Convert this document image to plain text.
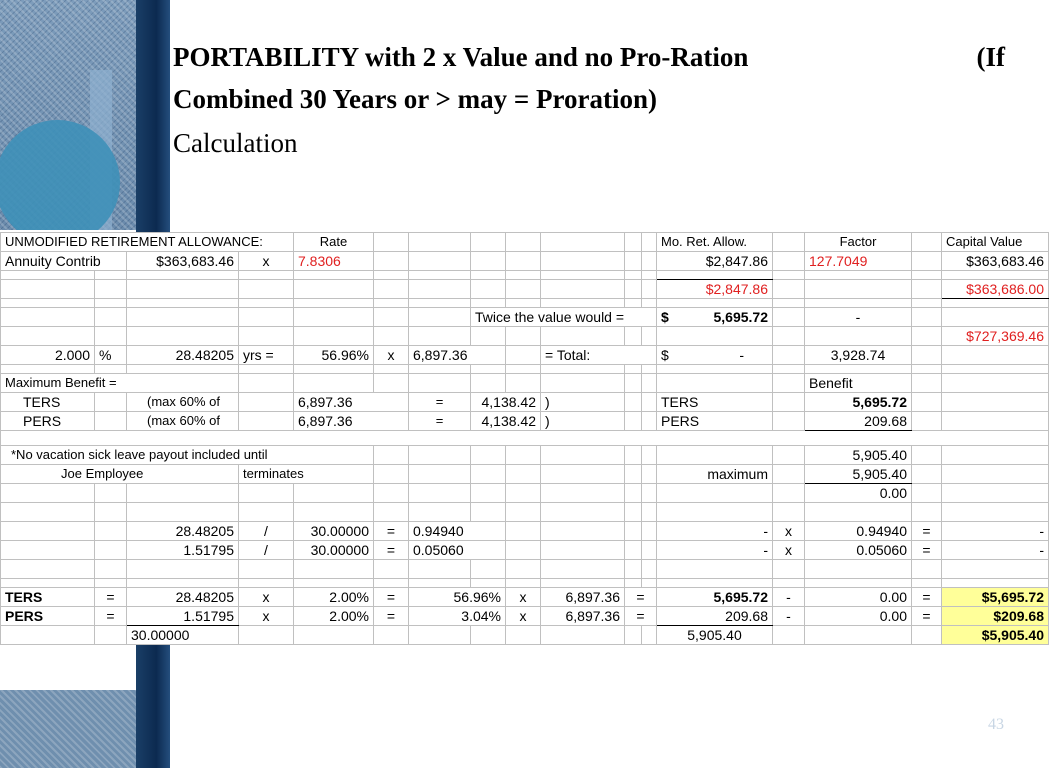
PORTABILITY with 2 x Value and no Pro-Ration	(If
Combined 30 Years or > may = Proration)
Calculation
UNMODIFIED RETIREMENT ALLOWANCE:				Rate								Mo. Ret. Allow.		Factor		Capital Value
Annuity Contrib		$363,683.46	x	7.8306								$2,847.86		127.7049		$363,683.46

												$2,847.86				$363,686.00

							Twice the value would =					$ 5,695.72		-		
																$727,369.46
2.000	%	28.48205	yrs =	56.96%	x	6,897.36			= Total:			$ -		3,928.74		

Maximum Benefit =														Benefit		
TERS		(max 60% of		6,897.36		=	4,138.42		)			TERS		5,695.72		
PERS		(max 60% of		6,897.36		=	4,138.42		)			PERS		209.68		

*No vacation sick leave payout included until														5,905.40		
Joe Employee			terminates									maximum		5,905.40		
														0.00		

		28.48205	/	30.00000	=	0.94940						-	x	0.94940	=	-
		1.51795	/	30.00000	=	0.05060						-	x	0.05060	=	-

TERS	=	28.48205	x	2.00%	=	56.96%		x	6,897.36	=		5,695.72	-	0.00	=	$5,695.72
PERS	=	1.51795	x	2.00%	=	3.04%		x	6,897.36	=		209.68	-	0.00	=	$209.68
		30.00000										5,905.40				$5,905.40
43
